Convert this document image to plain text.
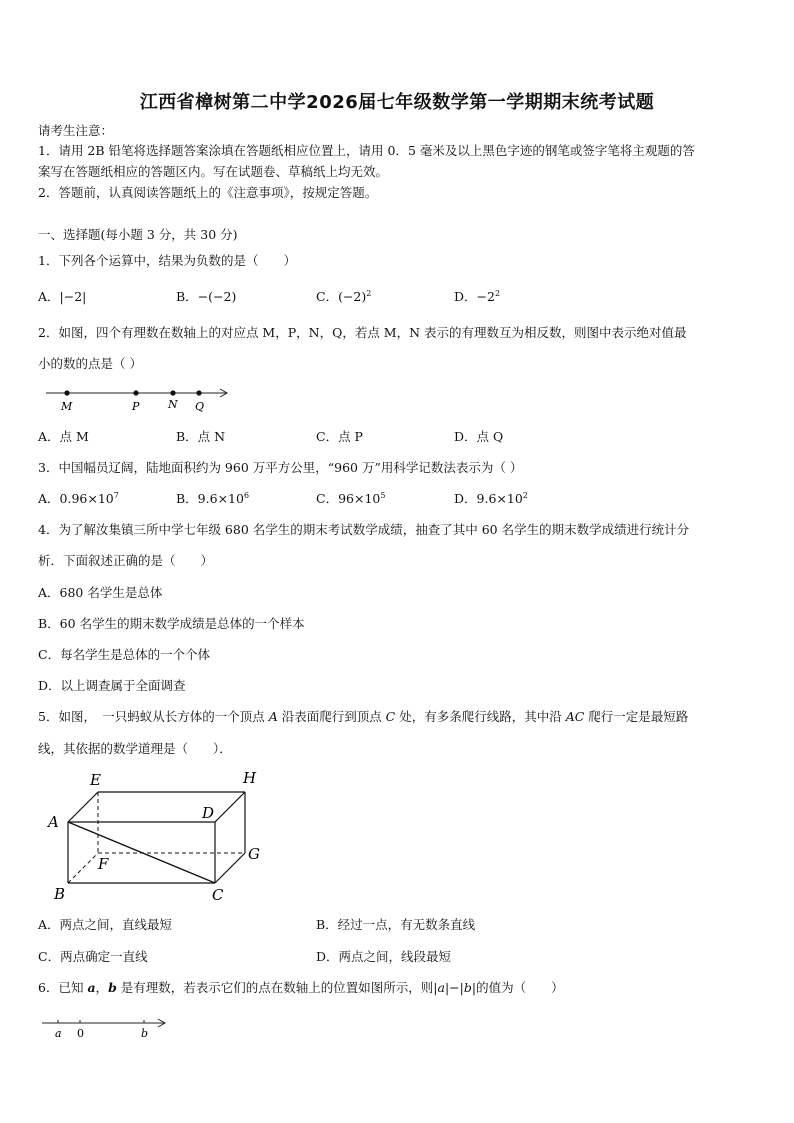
江西省樟树第二中学2026届七年级数学第一学期期末统考试题
请考生注意：
1．请用 2B 铅笔将选择题答案涂填在答题纸相应位置上，请用 0．5 毫米及以上黑色字迹的钢笔或签字笔将主观题的答
案写在答题纸相应的答题区内。写在试题卷、草稿纸上均无效。
2．答题前，认真阅读答题纸上的《注意事项》，按规定答题。
一、选择题(每小题 3 分，共 30 分)
1．下列各个运算中，结果为负数的是（　　）
A．|−2|	B．−(−2)	C．$(-2)^2$	D．$-2^2$
2．如图，四个有理数在数轴上的对应点 M，P，N，Q，若点 M，N 表示的有理数互为相反数，则图中表示绝对值最
小的数的点是（ ）
M	P	N Q
A．点 M	B．点 N	C．点 P	D．点 Q
3．中国幅员辽阔，陆地面积约为 960 万平方公里，“960 万”用科学记数法表示为（ ）
A．$0.96\times 10^7$	B．$9.6\times 10^6$	C．$96\times 10^5$	D．$9.6\times 10^2$
4．为了解汝集镇三所中学七年级 680 名学生的期末考试数学成绩，抽查了其中 60 名学生的期末数学成绩进行统计分
析．下面叙述正确的是（　　）
A．680 名学生是总体
B．60 名学生的期末数学成绩是总体的一个样本
C．每名学生是总体的一个个体
D．以上调查属于全面调查
5．如图，　一只蚂蚁从长方体的一个顶点 A 沿表面爬行到顶点 C 处，有多条爬行线路，其中沿 AC 爬行一定是最短路
线，其依据的数学道理是（　　）．
A
B	C
D
E
F
G
H
A．两点之间，直线最短	B．经过一点，有无数条直线
C．两点确定一直线	D．两点之间，线段最短
6．已知 a，b 是有理数，若表示它们的点在数轴上的位置如图所示，则|a|−|b|的值为（　　）
a 0	b
